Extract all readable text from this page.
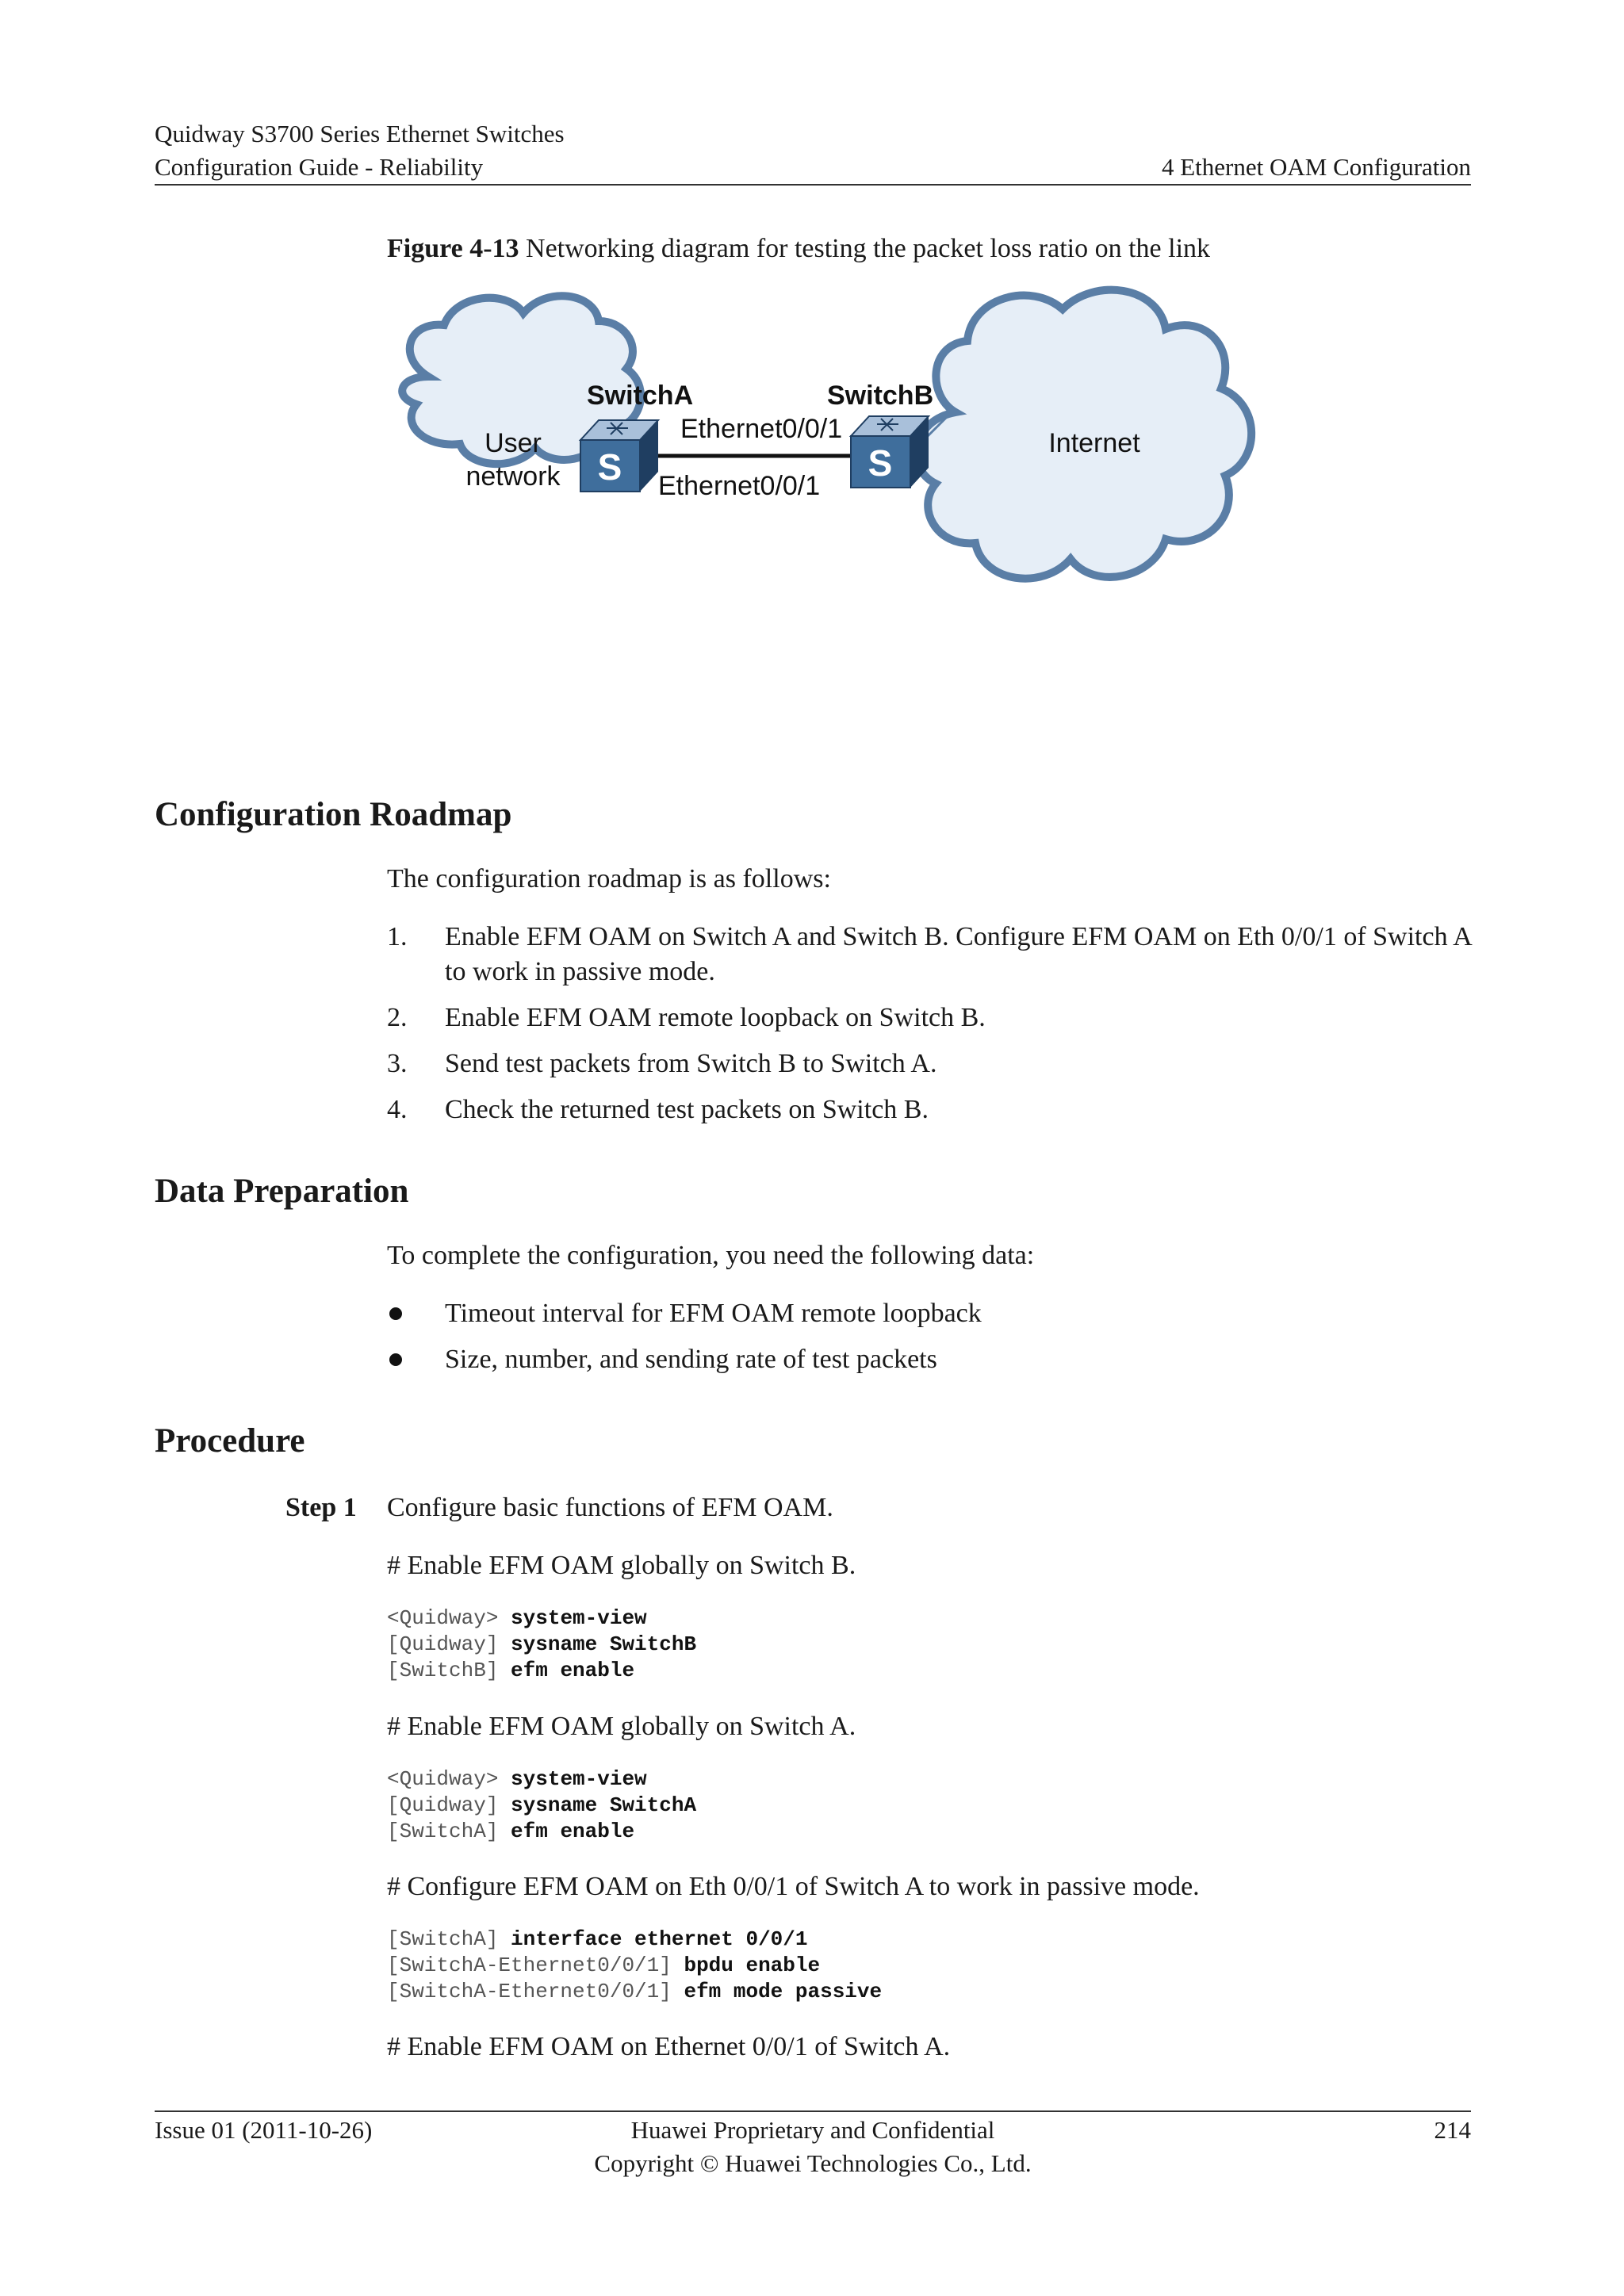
Quidway S3700 Series Ethernet Switches
Configuration Guide - Reliability	4 Ethernet OAM Configuration
Figure 4-13 Networking diagram for testing the packet loss ratio on the link
User
network
Internet
S
SwitchA
S
SwitchB
Ethernet0/0/1
Ethernet0/0/1
Configuration Roadmap

The configuration roadmap is as follows:

1.	Enable EFM OAM on Switch A and Switch B. Configure EFM OAM on Eth 0/0/1 of Switch A to work in passive mode.
2.	Enable EFM OAM remote loopback on Switch B.
3.	Send test packets from Switch B to Switch A.
4.	Check the returned test packets on Switch B.
Data Preparation

To complete the configuration, you need the following data:

Timeout interval for EFM OAM remote loopback
Size, number, and sending rate of test packets
Procedure
Step 1 Configure basic functions of EFM OAM.

# Enable EFM OAM globally on Switch B.

<Quidway> system-view
[Quidway] sysname SwitchB
[SwitchB] efm enable

# Enable EFM OAM globally on Switch A.

<Quidway> system-view
[Quidway] sysname SwitchA
[SwitchA] efm enable

# Configure EFM OAM on Eth 0/0/1 of Switch A to work in passive mode.

[SwitchA] interface ethernet 0/0/1
[SwitchA-Ethernet0/0/1] bpdu enable
[SwitchA-Ethernet0/0/1] efm mode passive

# Enable EFM OAM on Ethernet 0/0/1 of Switch A.

Issue 01 (2011-10-26)	Huawei Proprietary and Confidential
Copyright © Huawei Technologies Co., Ltd.
214
